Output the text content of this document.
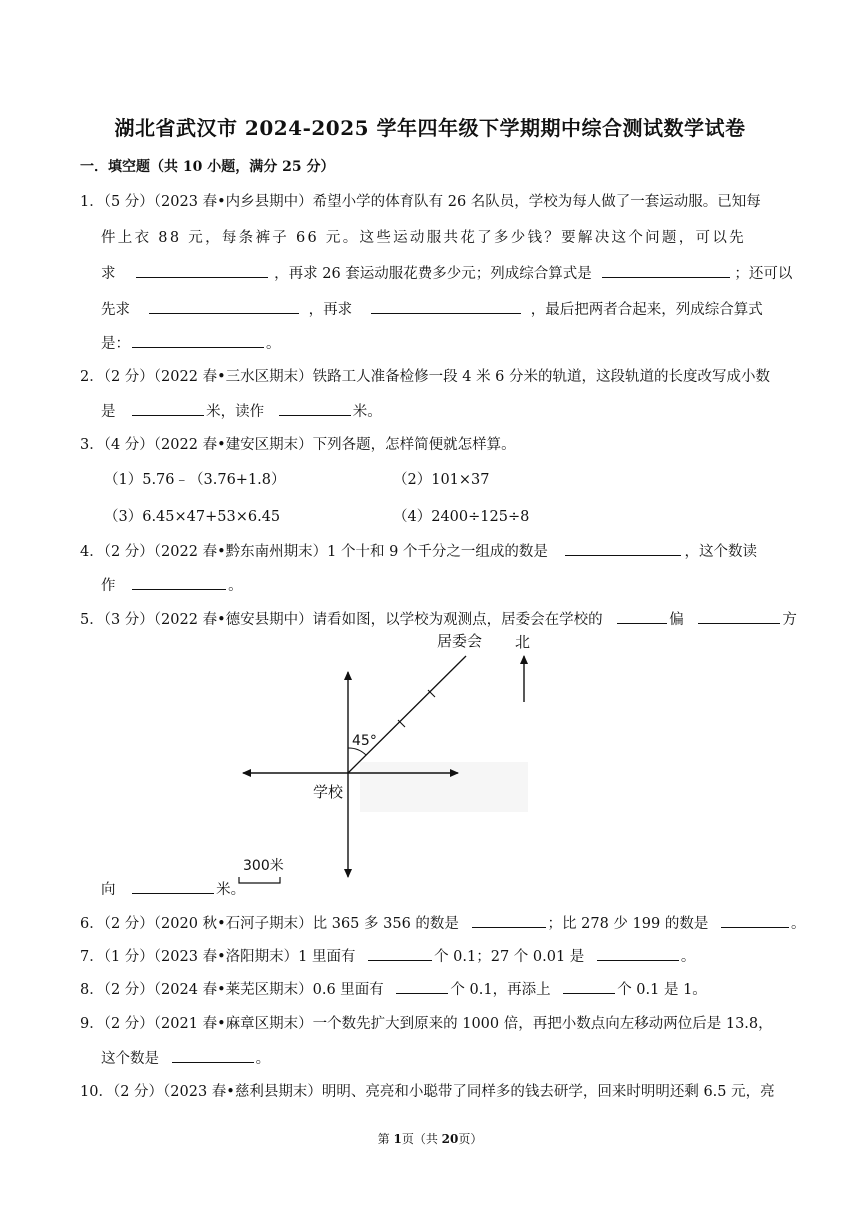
湖北省武汉市 2024-2025 学年四年级下学期期中综合测试数学试卷
一．填空题（共 10 小题，满分 25 分）
1．（5 分）（2023 春•内乡县期中）希望小学的体育队有 26 名队员，学校为每人做了一套运动服。已知每
件上衣 88 元，每条裤子 66 元。这些运动服共花了多少钱？要解决这个问题，可以先
求	，再求 26 套运动服花费多少元；列成综合算式是	；还可以
先求	，再求	，最后把两者合起来，列成综合算式
是：	。
2．（2 分）（2022 春•三水区期末）铁路工人准备检修一段 4 米 6 分米的轨道，这段轨道的长度改写成小数
是	米，读作	米。
3．（4 分）（2022 春•建安区期末）下列各题，怎样简便就怎样算。
（1）5.76﹣（3.76+1.8）	（2）101×37
（3）6.45×47+53×6.45	（4）2400÷125÷8
4．（2 分）（2022 春•黔东南州期末）1 个十和 9 个千分之一组成的数是	，这个数读
作	。
5．（3 分）（2022 春•德安县期中）请看如图，以学校为观测点，居委会在学校的	偏	方
45°
居委会 北
学校
300米
向	米。
6．（2 分）（2020 秋•石河子期末）比 365 多 356 的数是	；比 278 少 199 的数是	。
7．（1 分）（2023 春•洛阳期末）1 里面有	个 0.1；27 个 0.01 是	。
8．（2 分）（2024 春•莱芜区期末）0.6 里面有	个 0.1，再添上	个 0.1 是 1。
9．（2 分）（2021 春•麻章区期末）一个数先扩大到原来的 1000 倍，再把小数点向左移动两位后是 13.8，
这个数是	。
10．（2 分）（2023 春•慈利县期末）明明、亮亮和小聪带了同样多的钱去研学，回来时明明还剩 6.5 元，亮
第 1页（共 20页）
